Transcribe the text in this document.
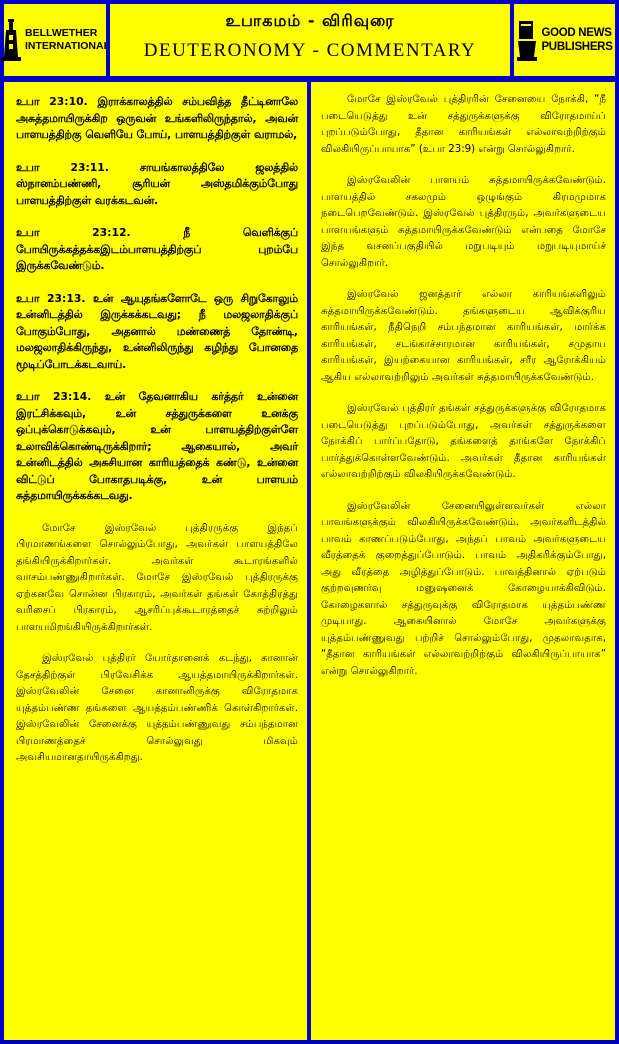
BELLWETHER
INTERNATIONAL
உபாகமம் - விரிவுரை
DEUTERONOMY - COMMENTARY
GOOD NEWS
PUBLISHERS

உபா 23:10. இராக்காலத்தில் சம்பவித்த தீட்டினாலே அசுத்தமாயிருக்கிற ஒருவன் உங்களிலிருந்தால், அவன் பாளயத்திற்கு வெளியே போய், பாளயத்திற்குள் வராமல்,

உபா 23:11. சாயங்காலத்திலே ஜலத்தில் ஸ்நானம்பண்ணி, சூரியன் அஸ்தமிக்கும்போது பாளயத்திற்குள் வரக்கடவன்.

உபா 23:12. நீ வெளிக்குப் போயிருக்கத்தக்கஇடம்பாளயத்திற்குப் புறம்பே இருக்கவேண்டும்.

உபா 23:13. உன் ஆயுதங்களோடே ஒரு சிறுகோலும் உன்னிடத்தில் இருக்கக்கடவது; நீ மலஜலாதிக்குப் போகும்போது, அதனால் மண்ணைத் தோண்டி, மலஜலாதிக்கிருந்து, உன்னிலிருந்து கழிந்து போனதை மூடிப்போடக்கடவாய்.

உபா 23:14. உன் தேவனாகிய கர்த்தர் உன்னை இரட்சிக்கவும், உன் சத்துருக்களை உனக்கு ஒப்புக்கொடுக்கவும், உன் பாளயத்திற்குள்ளே உலாவிக்கொண்டிருக்கிறார்; ஆகையால், அவர் உன்னிடத்தில் அசுசியான காரியத்தைக் கண்டு, உன்னை விட்டுப் போகாதபடிக்கு, உன் பாளயம் சுத்தமாயிருக்கக்கடவது.

மோசே இஸ்ரவேல் புத்திரருக்கு இந்தப் பிரமாணங்களை சொல்லும்போது, அவர்கள் பாளயத்திலே தங்கியிருக்கிறார்கள். அவர்கள் கூடாரங்களில் வாசம்பண்ணுகிறார்கள். மோசே இஸ்ரவேல் புத்திரருக்கு ஏற்கனவே சொன்ன பிரகாரம், அவர்கள் தங்கள் கோத்திரத்து வரிசைப் பிரகாரம், ஆசரிப்புக்கூடாரத்தைச் சுற்றிலும் பாளயமிறங்கியிருக்கிறார்கள்.

இஸ்ரவேல் புத்திரர் யோர்தானைக் கடந்து, கானான் தேசத்திற்குள் பிரவேசிக்க ஆயத்தமாயிருக்கிறார்கள். இஸ்ரவேலின் சேனை கானானிருக்கு விரோதமாக யுத்தம்பண்ண தங்களை ஆயத்தம்பண்ணிக் கொள்கிறார்கள். இஸ்ரவேலின் சேனைக்கு யுத்தம்பண்ணுவது சம்பந்தமான பிரமாணத்தைச் சொல்லுவது மிகவும் அவசியமானதாயிருக்கிறது.

மோசே இஸ்ரவேல் புத்திரரின் சேனையை நோக்கி, “நீ படையெடுத்து உன் சத்துருக்களுக்கு விரோதமாய்ப் புறப்படும்போது, தீதான காரியங்கள் எல்லாவற்றிற்கும் விலகியிருப்பாயாக” (உபா 23:9) என்று சொல்லுகிறார்.

இஸ்ரவேலின் பாளயம் சுத்தமாயிருக்கவேண்டும். பாளயத்தில் சகலமும் ஒழுங்கும் கிரமமுமாக நடைபெறவேண்டும். இஸ்ரவேல் புத்திரரும், அவர்களுடைய பாளயங்களும் சுத்தமாயிருக்கவேண்டும் என்பதை மோசே இந்த வசனப்பகுதியில் மறுபடியும் மறுபடியுமாய்ச் சொல்லுகிறார்.

இஸ்ரவேல் ஜனத்தார் எல்லா காரியங்களிலும் சுத்தமாயிருக்கவேண்டும். தங்களுடைய ஆவிக்குரிய காரியங்கள், நீதிநெறி சம்பந்தமான காரியங்கள், மார்க்க காரியங்கள், சடங்காச்சாரமான காரியங்கள், சமுதாய காரியங்கள், இயற்கையான காரியங்கள், சரீர ஆரோக்கியம் ஆகிய எல்லாவற்றிலும் அவர்கள் சுத்தமாயிருக்கவேண்டும்.

இஸ்ரவேல் புத்திரர் தங்கள் சத்துருக்களுக்கு விரோதமாக படையெடுத்து புறப்படும்போது, அவர்கள் சத்துருக்களை நோக்கிப் பார்ப்பதோடு, தங்களைத் தாங்களே நோக்கிப் பார்த்துக்கொள்ளவேண்டும். அவர்கள் தீதான காரியங்கள் எல்லாவற்றிற்கும் விலகியிருக்கவேண்டும்.

இஸ்ரவேலின் சேனையிலுள்ளவர்கள் எல்லா பாவங்களுக்கும் விலகியிருக்கவேண்டும். அவர்களிடத்தில் பாவம் காணப்படும்போது, அந்தப் பாவம் அவர்களுடைய வீரத்தைக் குறைத்துப்போடும். பாவம் அதிகரிக்கும்போது, அது வீரத்தை அழித்துப்போடும். பாவத்தினால் ஏற்படும் குற்றவுணர்வு மனுஷனைக் கோழையாக்கிவிடும். கோழைகளால் சத்துருவுக்கு விரோதமாக யுத்தம்பண்ண முடியாது. ஆகையினால் மோசே அவர்களுக்கு யுத்தம்பண்ணுவது பற்றிச் சொல்லும்போது, முதலாவதாக, “தீதான காரியங்கள் எல்லாவற்றிற்கும் விலகியிருப்பாயாக” என்று சொல்லுகிறார்.
